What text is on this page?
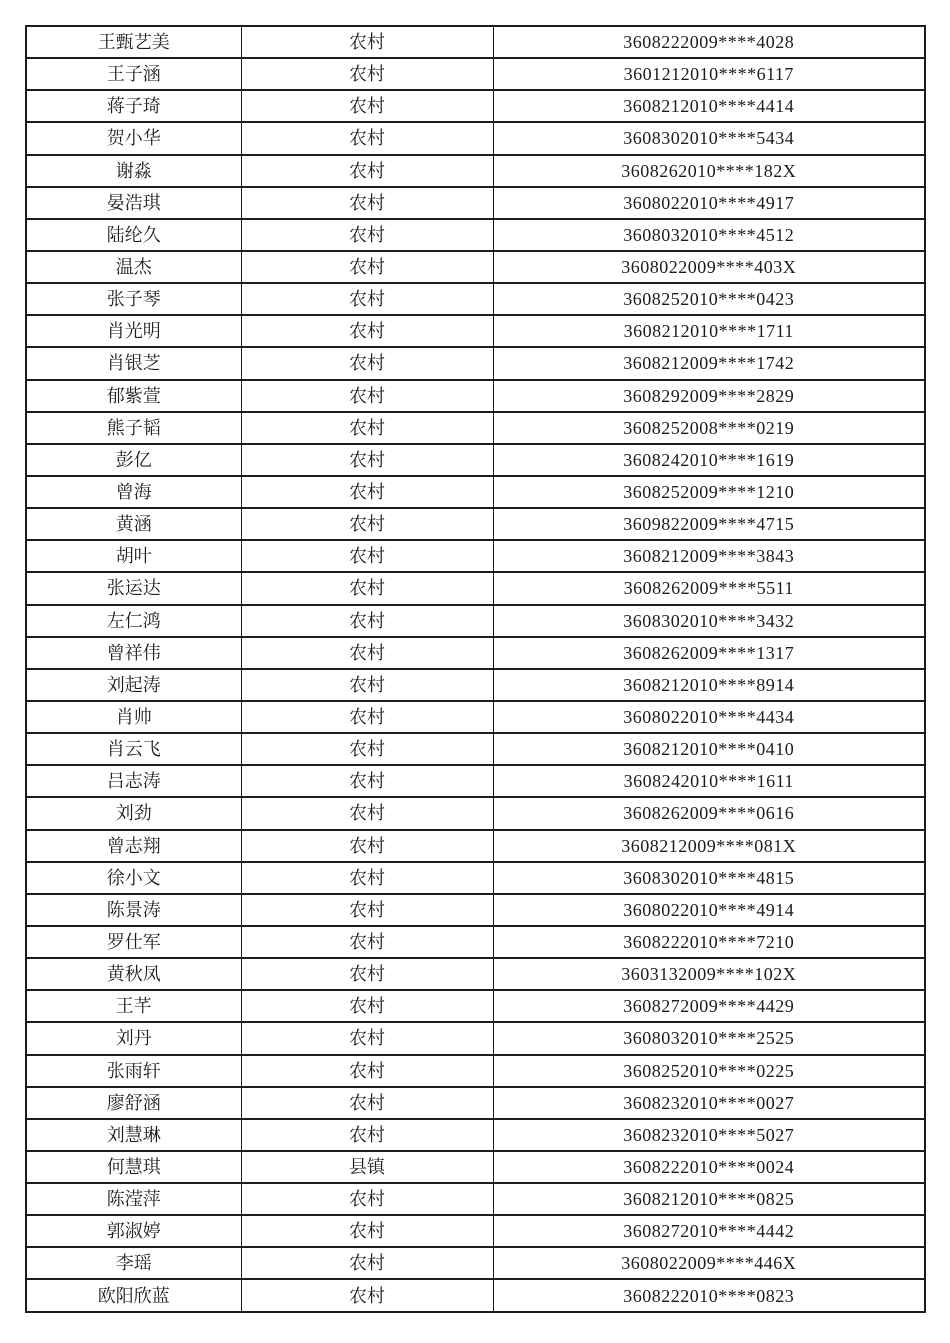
王甄艺美	农村	3608222009****4028
王子涵	农村	3601212010****6117
蒋子琦	农村	3608212010****4414
贺小华	农村	3608302010****5434
谢淼	农村	3608262010****182X
晏浩琪	农村	3608022010****4917
陆纶久	农村	3608032010****4512
温杰	农村	3608022009****403X
张子琴	农村	3608252010****0423
肖光明	农村	3608212010****1711
肖银芝	农村	3608212009****1742
郁紫萱	农村	3608292009****2829
熊子韬	农村	3608252008****0219
彭亿	农村	3608242010****1619
曾海	农村	3608252009****1210
黄涵	农村	3609822009****4715
胡叶	农村	3608212009****3843
张运达	农村	3608262009****5511
左仁鸿	农村	3608302010****3432
曾祥伟	农村	3608262009****1317
刘起涛	农村	3608212010****8914
肖帅	农村	3608022010****4434
肖云飞	农村	3608212010****0410
吕志涛	农村	3608242010****1611
刘劲	农村	3608262009****0616
曾志翔	农村	3608212009****081X
徐小文	农村	3608302010****4815
陈景涛	农村	3608022010****4914
罗仕军	农村	3608222010****7210
黄秋凤	农村	3603132009****102X
王芊	农村	3608272009****4429
刘丹	农村	3608032010****2525
张雨轩	农村	3608252010****0225
廖舒涵	农村	3608232010****0027
刘慧琳	农村	3608232010****5027
何慧琪	县镇	3608222010****0024
陈滢萍	农村	3608212010****0825
郭淑婷	农村	3608272010****4442
李瑶	农村	3608022009****446X
欧阳欣蓝	农村	3608222010****0823
